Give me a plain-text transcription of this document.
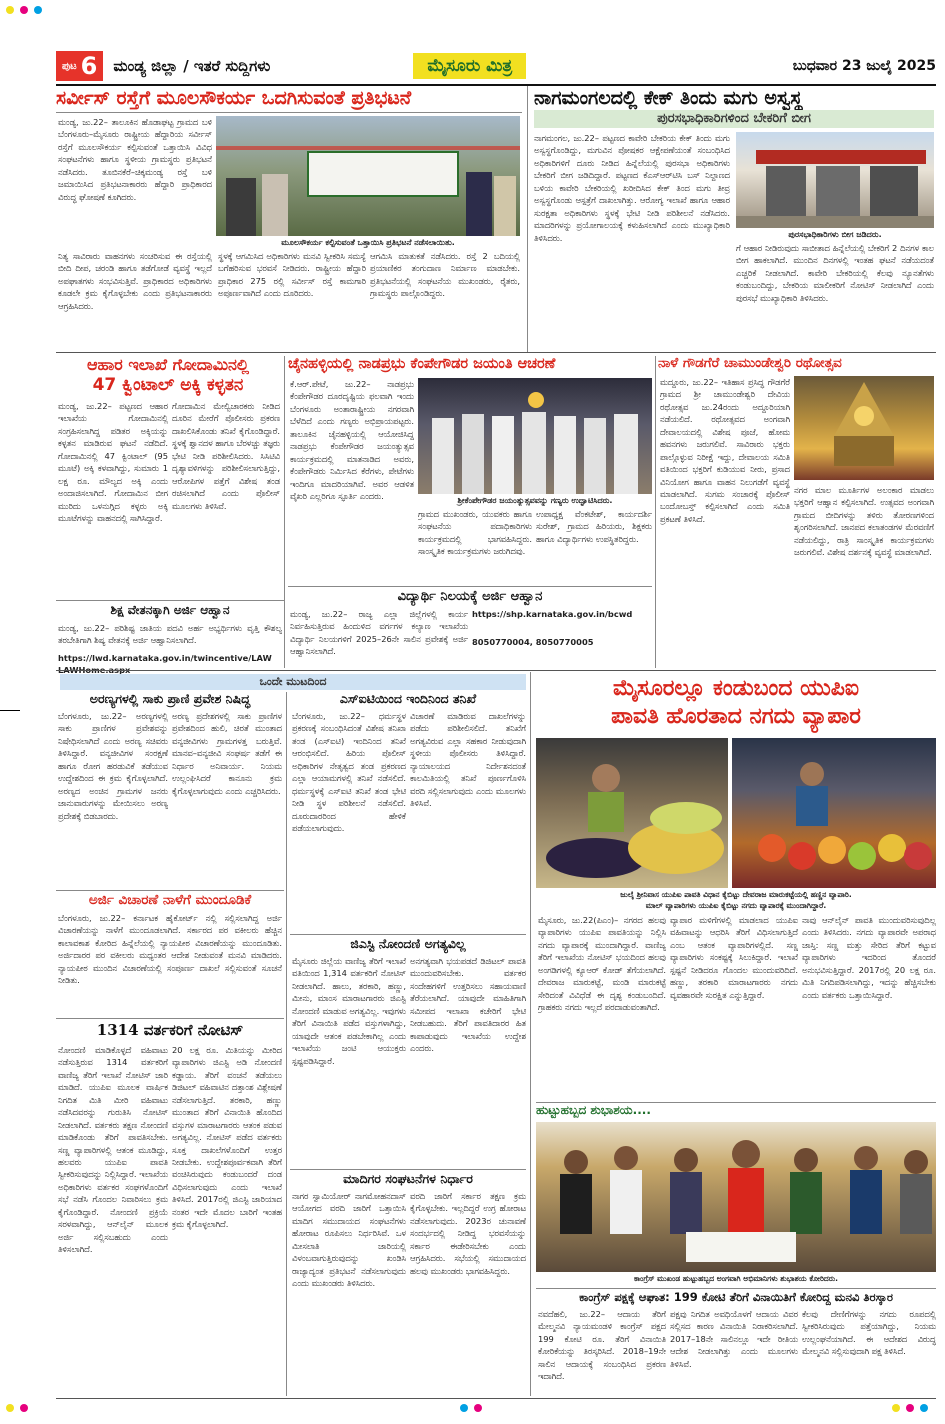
ಪುಟ 6 ಮಂಡ್ಯ ಜಿಲ್ಲಾ / ಇತರೆ ಸುದ್ದಿಗಳು	ಮೈಸೂರು ಮಿತ್ರ	ಬುಧವಾರ 23 ಜುಲೈ 2025
ಸರ್ವೀಸ್ ರಸ್ತೆಗೆ ಮೂಲಸೌಕರ್ಯ ಒದಗಿಸುವಂತೆ ಪ್ರತಿಭಟನೆ
ಮಂಡ್ಯ, ಜು.22– ತಾಲೂಕಿನ ಹೊಡಾಘಟ್ಟ ಗ್ರಾಮದ ಬಳಿ ಬೆಂಗಳೂರು–ಮೈಸೂರು ರಾಷ್ಟ್ರೀಯ ಹೆದ್ದಾರಿಯ ಸರ್ವೀಸ್ ರಸ್ತೆಗೆ ಮೂಲಸೌಕರ್ಯ ಕಲ್ಪಿಸುವಂತೆ ಒತ್ತಾಯಿಸಿ ವಿವಿಧ ಸಂಘಟನೆಗಳು ಹಾಗೂ ಸ್ಥಳೀಯ ಗ್ರಾಮಸ್ಥರು ಪ್ರತಿಭಟನೆ ನಡೆಸಿದರು. ತೂಬಿನಕೆರೆ–ಚಿಕ್ಕಮಂಡ್ಯ ರಸ್ತೆ ಬಳಿ ಜಮಾಯಿಸಿದ ಪ್ರತಿಭಟನಾಕಾರರು ಹೆದ್ದಾರಿ ಪ್ರಾಧಿಕಾರದ ವಿರುದ್ಧ ಘೋಷಣೆ ಕೂಗಿದರು.
ಮೂಲಸೌಕರ್ಯ ಕಲ್ಪಿಸುವಂತೆ ಒತ್ತಾಯಿಸಿ ಪ್ರತಿಭಟನೆ ನಡೆಸಲಾಯಿತು.
ನಿತ್ಯ ಸಾವಿರಾರು ವಾಹನಗಳು ಸಂಚರಿಸುವ ಈ ರಸ್ತೆಯಲ್ಲಿ ಬೀದಿ ದೀಪ, ಚರಂಡಿ ಹಾಗೂ ತಡೆಗೋಡೆ ವ್ಯವಸ್ಥೆ ಇಲ್ಲದೆ ಅಪಘಾತಗಳು ಸಂಭವಿಸುತ್ತಿವೆ. ಪ್ರಾಧಿಕಾರದ ಅಧಿಕಾರಿಗಳು ಕೂಡಲೇ ಕ್ರಮ ಕೈಗೊಳ್ಳಬೇಕು ಎಂದು ಪ್ರತಿಭಟನಾಕಾರರು ಆಗ್ರಹಿಸಿದರು.
ಸ್ಥಳಕ್ಕೆ ಆಗಮಿಸಿದ ಅಧಿಕಾರಿಗಳು ಮನವಿ ಸ್ವೀಕರಿಸಿ ಸಮಸ್ಯೆ ಬಗೆಹರಿಸುವ ಭರವಸೆ ನೀಡಿದರು. ರಾಷ್ಟ್ರೀಯ ಹೆದ್ದಾರಿ ಪ್ರಾಧಿಕಾರ 275 ರಲ್ಲಿ ಸರ್ವೀಸ್ ರಸ್ತೆ ಕಾಮಗಾರಿ ಅಪೂರ್ಣವಾಗಿದೆ ಎಂದು ದೂರಿದರು.
ಆಗಮಿಸಿ ಮಾತುಕತೆ ನಡೆಸಿದರು. ರಸ್ತೆ 2 ಬದಿಯಲ್ಲಿ ಪ್ರಯಾಣಿಕರ ತಂಗುದಾಣ ನಿರ್ಮಾಣ ಮಾಡಬೇಕು. ಪ್ರತಿಭಟನೆಯಲ್ಲಿ ಸಂಘಟನೆಯ ಮುಖಂಡರು, ರೈತರು, ಗ್ರಾಮಸ್ಥರು ಪಾಲ್ಗೊಂಡಿದ್ದರು.
ನಾಗಮಂಗಲದಲ್ಲಿ ಕೇಕ್ ತಿಂದು ಮಗು ಅಸ್ವಸ್ಥ
ಪುರಸಭಾಧಿಕಾರಿಗಳಿಂದ ಬೇಕರಿಗೆ ಬೀಗ
ನಾಗಮಂಗಲ, ಜು.22– ಪಟ್ಟಣದ ಕಾವೇರಿ ಬೇಕರಿಯ ಕೇಕ್ ತಿಂದು ಮಗು ಅಸ್ವಸ್ಥಗೊಂಡಿದ್ದು, ಮಗುವಿನ ಪೋಷಕರ ಆಕ್ಷೇಪಣೆಯಂತೆ ಸಂಬಂಧಿಸಿದ ಅಧಿಕಾರಿಗಳಿಗೆ ದೂರು ನೀಡಿದ ಹಿನ್ನೆಲೆಯಲ್ಲಿ ಪುರಸಭಾ ಅಧಿಕಾರಿಗಳು ಬೇಕರಿಗೆ ಬೀಗ ಜಡಿದಿದ್ದಾರೆ. ಪಟ್ಟಣದ ಕೆಎಸ್ಆರ್‌ಟಿಸಿ ಬಸ್ ನಿಲ್ದಾಣದ ಬಳಿಯ ಕಾವೇರಿ ಬೇಕರಿಯಲ್ಲಿ ಖರೀದಿಸಿದ ಕೇಕ್ ತಿಂದ ಮಗು ತೀವ್ರ ಅಸ್ವಸ್ಥಗೊಂಡು ಆಸ್ಪತ್ರೆಗೆ ದಾಖಲಾಗಿತ್ತು. ಆರೋಗ್ಯ ಇಲಾಖೆ ಹಾಗೂ ಆಹಾರ ಸುರಕ್ಷತಾ ಅಧಿಕಾರಿಗಳು ಸ್ಥಳಕ್ಕೆ ಭೇಟಿ ನೀಡಿ ಪರಿಶೀಲನೆ ನಡೆಸಿದರು. ಮಾದರಿಗಳನ್ನು ಪ್ರಯೋಗಾಲಯಕ್ಕೆ ಕಳುಹಿಸಲಾಗಿದೆ ಎಂದು ಮುಖ್ಯಾಧಿಕಾರಿ ತಿಳಿಸಿದರು.	ಪುರಸಭಾಧಿಕಾರಿಗಳು ಬೀಗ ಜಡಿದರು.
ಗೆ ಆಹಾರ ನೀಡಿರುವುದು ಸಾಬೀತಾದ ಹಿನ್ನೆಲೆಯಲ್ಲಿ ಬೇಕರಿಗೆ 2 ದಿನಗಳ ಕಾಲ ಬೀಗ ಹಾಕಲಾಗಿದೆ. ಮುಂದಿನ ದಿನಗಳಲ್ಲಿ ಇಂತಹ ಘಟನೆ ನಡೆಯದಂತೆ ಎಚ್ಚರಿಕೆ ನೀಡಲಾಗಿದೆ. ಕಾವೇರಿ ಬೇಕರಿಯಲ್ಲಿ ಕೆಲವು ನ್ಯೂನತೆಗಳು ಕಂಡುಬಂದಿದ್ದು, ಬೇಕರಿಯ ಮಾಲೀಕರಿಗೆ ನೋಟಿಸ್ ನೀಡಲಾಗಿದೆ ಎಂದು ಪುರಸಭೆ ಮುಖ್ಯಾಧಿಕಾರಿ ತಿಳಿಸಿದರು.
ಆಹಾರ ಇಲಾಖೆ ಗೋದಾಮಿನಲ್ಲಿ
47 ಕ್ವಿಂಟಾಲ್ ಅಕ್ಕಿ ಕಳ್ಳತನ
ಮಂಡ್ಯ, ಜು.22– ಪಟ್ಟಣದ ಆಹಾರ ಇಲಾಖೆಯ ಗೋದಾಮಿನಲ್ಲಿ ಸಂಗ್ರಹಿಸಲಾಗಿದ್ದ ಪಡಿತರ ಅಕ್ಕಿಯನ್ನು ಕಳ್ಳತನ ಮಾಡಿರುವ ಘಟನೆ ನಡೆದಿದೆ. ಗೋದಾಮಿನಲ್ಲಿ 47 ಕ್ವಿಂಟಾಲ್ (95 ಮೂಟೆ) ಅಕ್ಕಿ ಕಳವಾಗಿದ್ದು, ಸುಮಾರು 1 ಲಕ್ಷ ರೂ. ಮೌಲ್ಯದ ಅಕ್ಕಿ ಎಂದು ಅಂದಾಜಿಸಲಾಗಿದೆ. ಗೋದಾಮಿನ ಬೀಗ ಮುರಿದು ಒಳನುಗ್ಗಿದ ಕಳ್ಳರು ಅಕ್ಕಿ ಮೂಟೆಗಳನ್ನು ವಾಹನದಲ್ಲಿ ಸಾಗಿಸಿದ್ದಾರೆ.
ಗೋದಾಮಿನ ಮೇಲ್ವಿಚಾರಕರು ನೀಡಿದ ದೂರಿನ ಮೇರೆಗೆ ಪೊಲೀಸರು ಪ್ರಕರಣ ದಾಖಲಿಸಿಕೊಂಡು ತನಿಖೆ ಕೈಗೊಂಡಿದ್ದಾರೆ. ಸ್ಥಳಕ್ಕೆ ಶ್ವಾನದಳ ಹಾಗೂ ಬೆರಳಚ್ಚು ತಜ್ಞರು ಭೇಟಿ ನೀಡಿ ಪರಿಶೀಲಿಸಿದರು. ಸಿಸಿಟಿವಿ ದೃಶ್ಯಾವಳಿಗಳನ್ನು ಪರಿಶೀಲಿಸಲಾಗುತ್ತಿದ್ದು, ಆರೋಪಿಗಳ ಪತ್ತೆಗೆ ವಿಶೇಷ ತಂಡ ರಚಿಸಲಾಗಿದೆ ಎಂದು ಪೊಲೀಸ್ ಮೂಲಗಳು ತಿಳಿಸಿವೆ.
ಚೈನಹಳ್ಳಿಯಲ್ಲಿ ನಾಡಪ್ರಭು ಕೆಂಪೇಗೌಡರ ಜಯಂತಿ ಆಚರಣೆ
ಕೆ.ಆರ್.ಪೇಟೆ, ಜು.22– ನಾಡಪ್ರಭು ಕೆಂಪೇಗೌಡರ ದೂರದೃಷ್ಟಿಯ ಫಲವಾಗಿ ಇಂದು ಬೆಂಗಳೂರು ಅಂತಾರಾಷ್ಟ್ರೀಯ ನಗರವಾಗಿ ಬೆಳೆದಿದೆ ಎಂದು ಗಣ್ಯರು ಅಭಿಪ್ರಾಯಪಟ್ಟರು. ತಾಲೂಕಿನ ಚೈನಹಳ್ಳಿಯಲ್ಲಿ ಆಯೋಜಿಸಿದ್ದ ನಾಡಪ್ರಭು ಕೆಂಪೇಗೌಡರ ಜಯಂತ್ಯುತ್ಸವ ಕಾರ್ಯಕ್ರಮದಲ್ಲಿ ಮಾತನಾಡಿದ ಅವರು, ಕೆಂಪೇಗೌಡರು ನಿರ್ಮಿಸಿದ ಕೆರೆಗಳು, ಪೇಟೆಗಳು ಇಂದಿಗೂ ಮಾದರಿಯಾಗಿವೆ. ಅವರ ಆಡಳಿತ ವೈಖರಿ ಎಲ್ಲರಿಗೂ ಸ್ಫೂರ್ತಿ ಎಂದರು.	ಶ್ರೀಕೆಂಪೇಗೌಡರ ಜಯಂತ್ಯುತ್ಸವವನ್ನು ಗಣ್ಯರು ಉದ್ಘಾಟಿಸಿದರು.
ಗ್ರಾಮದ ಮುಖಂಡರು, ಯುವಕರು ಹಾಗೂ ಸಂಘಟನೆಯ ಪದಾಧಿಕಾರಿಗಳು ಕಾರ್ಯಕ್ರಮದಲ್ಲಿ ಭಾಗವಹಿಸಿದ್ದರು. ಸಾಂಸ್ಕೃತಿಕ ಕಾರ್ಯಕ್ರಮಗಳು ಜರುಗಿದವು.
ಉಪಾಧ್ಯಕ್ಷ ವೆಂಕಟೇಶ್, ಕಾರ್ಯದರ್ಶಿ ಸುರೇಶ್, ಗ್ರಾಮದ ಹಿರಿಯರು, ಶಿಕ್ಷಕರು ಹಾಗೂ ವಿದ್ಯಾರ್ಥಿಗಳು ಉಪಸ್ಥಿತರಿದ್ದರು.
ಶಿಕ್ಷ ವೇತನಕ್ಕಾಗಿ ಅರ್ಜಿ ಆಹ್ವಾನ
ಮಂಡ್ಯ, ಜು.22– ಪರಿಶಿಷ್ಟ ಜಾತಿಯ ಪದವಿ ಅರ್ಹ ಅಭ್ಯರ್ಥಿಗಳು ವೃತ್ತಿ ಕೌಶಲ್ಯ ತರಬೇತಿಗಾಗಿ ಶಿಷ್ಯ ವೇತನಕ್ಕೆ ಅರ್ಜಿ ಆಹ್ವಾನಿಸಲಾಗಿದೆ.
https://lwd.karnataka.gov.in/twincentive/LAW
ವಿದ್ಯಾರ್ಥಿ ನಿಲಯಕ್ಕೆ ಅರ್ಜಿ ಆಹ್ವಾನ
ಮಂಡ್ಯ, ಜು.22– ರಾಜ್ಯ ಎಲ್ಲಾ ಜಿಲ್ಲೆಗಳಲ್ಲಿ ಕಾರ್ಯ ನಿರ್ವಹಿಸುತ್ತಿರುವ ಹಿಂದುಳಿದ ವರ್ಗಗಳ ಕಲ್ಯಾಣ ಇಲಾಖೆಯ ವಿದ್ಯಾರ್ಥಿ ನಿಲಯಗಳಿಗೆ 2025–26ನೇ ಸಾಲಿನ ಪ್ರವೇಶಕ್ಕೆ ಅರ್ಜಿ ಆಹ್ವಾನಿಸಲಾಗಿದೆ.
https://shp.karnataka.gov.in/bcwd
8050770004, 8050770005
ನಾಳೆ ಗೌಡಗೆರೆ ಚಾಮುಂಡೇಶ್ವರಿ ರಥೋತ್ಸವ
ಮದ್ದೂರು, ಜು.22– ಇತಿಹಾಸ ಪ್ರಸಿದ್ಧ ಗೌಡಗೆರೆ ಗ್ರಾಮದ ಶ್ರೀ ಚಾಮುಂಡೇಶ್ವರಿ ದೇವಿಯ ರಥೋತ್ಸವ ಜು.24ರಂದು ಅದ್ದೂರಿಯಾಗಿ ನಡೆಯಲಿದೆ. ರಥೋತ್ಸವದ ಅಂಗವಾಗಿ ದೇವಾಲಯದಲ್ಲಿ ವಿಶೇಷ ಪೂಜೆ, ಹೋಮ ಹವನಗಳು ಜರುಗಲಿವೆ. ಸಾವಿರಾರು ಭಕ್ತರು ಪಾಲ್ಗೊಳ್ಳುವ ನಿರೀಕ್ಷೆ ಇದ್ದು, ದೇವಾಲಯ ಸಮಿತಿ ವತಿಯಿಂದ ಭಕ್ತರಿಗೆ ಕುಡಿಯುವ ನೀರು, ಪ್ರಸಾದ ವಿನಿಯೋಗ ಹಾಗೂ ವಾಹನ ನಿಲುಗಡೆಗೆ ವ್ಯವಸ್ಥೆ ಮಾಡಲಾಗಿದೆ. ಸುಗಮ ಸಂಚಾರಕ್ಕೆ ಪೊಲೀಸ್ ಬಂದೋಬಸ್ತ್ ಕಲ್ಪಿಸಲಾಗಿದೆ ಎಂದು ಸಮಿತಿ ಪ್ರಕಟಣೆ ತಿಳಿಸಿದೆ.
ನಗರ ಮಾಲ ಮೂರ್ತಿಗಳ ಅಲಂಕಾರ ಮಾಡಲು ಭಕ್ತರಿಗೆ ಆಹ್ವಾನ ಕಲ್ಪಿಸಲಾಗಿದೆ. ಉತ್ಸವದ ಅಂಗವಾಗಿ ಗ್ರಾಮದ ಬೀದಿಗಳನ್ನು ತಳಿರು ತೋರಣಗಳಿಂದ ಶೃಂಗರಿಸಲಾಗಿದೆ. ಜಾನಪದ ಕಲಾತಂಡಗಳ ಮೆರವಣಿಗೆ ನಡೆಯಲಿದ್ದು, ರಾತ್ರಿ ಸಾಂಸ್ಕೃತಿಕ ಕಾರ್ಯಕ್ರಮಗಳು ಜರುಗಲಿವೆ. ವಿಶೇಷ ದರ್ಶನಕ್ಕೆ ವ್ಯವಸ್ಥೆ ಮಾಡಲಾಗಿದೆ.
ಒಂದೇ ಮುಟದಿಂದ
ಅರಣ್ಯಗಳಲ್ಲಿ ಸಾಕು ಪ್ರಾಣಿ ಪ್ರವೇಶ ನಿಷಿದ್ಧ
ಬೆಂಗಳೂರು, ಜು.22– ಅರಣ್ಯಗಳಲ್ಲಿ ಸಾಕು ಪ್ರಾಣಿಗಳ ಪ್ರವೇಶವನ್ನು ನಿಷೇಧಿಸಲಾಗಿದೆ ಎಂದು ಅರಣ್ಯ ಸಚಿವರು ತಿಳಿಸಿದ್ದಾರೆ. ವನ್ಯಜೀವಿಗಳ ಸಂರಕ್ಷಣೆ ಹಾಗೂ ರೋಗ ಹರಡುವಿಕೆ ತಡೆಯುವ ಉದ್ದೇಶದಿಂದ ಈ ಕ್ರಮ ಕೈಗೊಳ್ಳಲಾಗಿದೆ. ಅರಣ್ಯದ ಅಂಚಿನ ಗ್ರಾಮಗಳ ಜನರು ಜಾನುವಾರುಗಳನ್ನು ಮೇಯಿಸಲು ಅರಣ್ಯ ಪ್ರದೇಶಕ್ಕೆ ಬಿಡಬಾರದು.
ಅರಣ್ಯ ಪ್ರದೇಶಗಳಲ್ಲಿ ಸಾಕು ಪ್ರಾಣಿಗಳ ಪ್ರವೇಶದಿಂದ ಹುಲಿ, ಚಿರತೆ ಮುಂತಾದ ವನ್ಯಜೀವಿಗಳು ಗ್ರಾಮಗಳತ್ತ ಬರುತ್ತಿವೆ. ಮಾನವ–ವನ್ಯಜೀವಿ ಸಂಘರ್ಷ ತಡೆಗೆ ಈ ನಿರ್ಧಾರ ಅನಿವಾರ್ಯ. ನಿಯಮ ಉಲ್ಲಂಘಿಸಿದರೆ ಕಾನೂನು ಕ್ರಮ ಕೈಗೊಳ್ಳಲಾಗುವುದು ಎಂದು ಎಚ್ಚರಿಸಿದರು.
ಅರ್ಜಿ ವಿಚಾರಣೆ ನಾಳೆಗೆ ಮುಂದೂಡಿಕೆ
ಬೆಂಗಳೂರು, ಜು.22– ಕರ್ನಾಟಕ ಹೈಕೋರ್ಟ್ ನಲ್ಲಿ ಸಲ್ಲಿಸಲಾಗಿದ್ದ ಅರ್ಜಿ ವಿಚಾರಣೆಯನ್ನು ನಾಳೆಗೆ ಮುಂದೂಡಲಾಗಿದೆ. ಸರ್ಕಾರದ ಪರ ವಕೀಲರು ಹೆಚ್ಚಿನ ಕಾಲಾವಕಾಶ ಕೋರಿದ ಹಿನ್ನೆಲೆಯಲ್ಲಿ ನ್ಯಾಯಪೀಠ ವಿಚಾರಣೆಯನ್ನು ಮುಂದೂಡಿತು. ಅರ್ಜಿದಾರರ ಪರ ವಕೀಲರು ಮಧ್ಯಂತರ ಆದೇಶ ನೀಡುವಂತೆ ಮನವಿ ಮಾಡಿದರು. ನ್ಯಾಯಪೀಠ ಮುಂದಿನ ವಿಚಾರಣೆಯಲ್ಲಿ ಸಂಪೂರ್ಣ ದಾಖಲೆ ಸಲ್ಲಿಸುವಂತೆ ಸೂಚನೆ ನೀಡಿತು.
1314 ವರ್ತಕರಿಗೆ ನೋಟಿಸ್
ನೋಂದಣಿ ಮಾಡಿಕೊಳ್ಳದೆ ವಹಿವಾಟು ನಡೆಸುತ್ತಿರುವ 1314 ವರ್ತಕರಿಗೆ ವಾಣಿಜ್ಯ ತೆರಿಗೆ ಇಲಾಖೆ ನೋಟಿಸ್ ಜಾರಿ ಮಾಡಿದೆ. ಯುಪಿಐ ಮೂಲಕ ವಾರ್ಷಿಕ ನಿಗದಿತ ಮಿತಿ ಮೀರಿ ವಹಿವಾಟು ನಡೆಸಿದವರನ್ನು ಗುರುತಿಸಿ ನೋಟಿಸ್ ನೀಡಲಾಗಿದೆ. ವರ್ತಕರು ತಕ್ಷಣ ನೋಂದಣಿ ಮಾಡಿಕೊಂಡು ತೆರಿಗೆ ಪಾವತಿಸಬೇಕು. ಸಣ್ಣ ವ್ಯಾಪಾರಿಗಳಲ್ಲಿ ಆತಂಕ ಮೂಡಿದ್ದು, ಹಲವರು ಯುಪಿಐ ಪಾವತಿ ಸ್ವೀಕರಿಸುವುದನ್ನು ನಿಲ್ಲಿಸಿದ್ದಾರೆ. ಇಲಾಖೆಯ ಅಧಿಕಾರಿಗಳು ವರ್ತಕರ ಸಂಘಗಳೊಂದಿಗೆ ಸಭೆ ನಡೆಸಿ ಗೊಂದಲ ನಿವಾರಿಸಲು ಕ್ರಮ ಕೈಗೊಂಡಿದ್ದಾರೆ. ನೋಂದಣಿ ಪ್ರಕ್ರಿಯೆ ಸರಳವಾಗಿದ್ದು, ಆನ್‌ಲೈನ್ ಮೂಲಕ ಅರ್ಜಿ ಸಲ್ಲಿಸಬಹುದು ಎಂದು ತಿಳಿಸಲಾಗಿದೆ.
20 ಲಕ್ಷ ರೂ. ಮಿತಿಯನ್ನು ಮೀರಿದ ವ್ಯಾಪಾರಿಗಳು ಜಿಎಸ್ಟಿ ಅಡಿ ನೋಂದಣಿ ಕಡ್ಡಾಯ. ತೆರಿಗೆ ವಂಚನೆ ತಡೆಯಲು ಡಿಜಿಟಲ್ ವಹಿವಾಟಿನ ದತ್ತಾಂಶ ವಿಶ್ಲೇಷಣೆ ನಡೆಸಲಾಗುತ್ತಿದೆ. ತರಕಾರಿ, ಹಣ್ಣು ಮುಂತಾದ ತೆರಿಗೆ ವಿನಾಯಿತಿ ಹೊಂದಿದ ವಸ್ತುಗಳ ಮಾರಾಟಗಾರರು ಆತಂಕ ಪಡುವ ಅಗತ್ಯವಿಲ್ಲ. ನೋಟಿಸ್ ಪಡೆದ ವರ್ತಕರು ಸೂಕ್ತ ದಾಖಲೆಗಳೊಂದಿಗೆ ಉತ್ತರ ನೀಡಬೇಕು. ಉದ್ದೇಶಪೂರ್ವಕವಾಗಿ ತೆರಿಗೆ ವಂಚಿಸಿರುವುದು ಕಂಡುಬಂದರೆ ದಂಡ ವಿಧಿಸಲಾಗುವುದು ಎಂದು ಇಲಾಖೆ ತಿಳಿಸಿದೆ. 2017ರಲ್ಲಿ ಜಿಎಸ್ಟಿ ಜಾರಿಯಾದ ನಂತರ ಇದೇ ಮೊದಲ ಬಾರಿಗೆ ಇಂತಹ ಕ್ರಮ ಕೈಗೊಳ್ಳಲಾಗಿದೆ.
ಎಸ್ಐಟಿಯಿಂದ ಇಂದಿನಿಂದ ತನಿಖೆ
ಬೆಂಗಳೂರು, ಜು.22– ಧರ್ಮಸ್ಥಳ ಪ್ರಕರಣಕ್ಕೆ ಸಂಬಂಧಿಸಿದಂತೆ ವಿಶೇಷ ತನಿಖಾ ತಂಡ (ಎಸ್ಐಟಿ) ಇಂದಿನಿಂದ ತನಿಖೆ ಆರಂಭಿಸಲಿದೆ. ಹಿರಿಯ ಪೊಲೀಸ್ ಅಧಿಕಾರಿಗಳ ನೇತೃತ್ವದ ತಂಡ ಪ್ರಕರಣದ ಎಲ್ಲಾ ಆಯಾಮಗಳಲ್ಲಿ ತನಿಖೆ ನಡೆಸಲಿದೆ. ಧರ್ಮಸ್ಥಳಕ್ಕೆ ಎಸ್ಐಟಿ ತನಿಖೆ ತಂಡ ಭೇಟಿ ನೀಡಿ ಸ್ಥಳ ಪರಿಶೀಲನೆ ನಡೆಸಲಿದೆ. ದೂರುದಾರರಿಂದ ಹೇಳಿಕೆ ಪಡೆಯಲಾಗುವುದು.
ವಿಚಾರಣೆ ಮಾಡಿರುವ ದಾಖಲೆಗಳನ್ನು ಪಡೆದು ಪರಿಶೀಲಿಸಲಿದೆ. ತನಿಖೆಗೆ ಅಗತ್ಯವಿರುವ ಎಲ್ಲಾ ಸಹಕಾರ ನೀಡುವುದಾಗಿ ಸ್ಥಳೀಯ ಪೊಲೀಸರು ತಿಳಿಸಿದ್ದಾರೆ. ನ್ಯಾಯಾಲಯದ ನಿರ್ದೇಶನದಂತೆ ಕಾಲಮಿತಿಯಲ್ಲಿ ತನಿಖೆ ಪೂರ್ಣಗೊಳಿಸಿ ವರದಿ ಸಲ್ಲಿಸಲಾಗುವುದು ಎಂದು ಮೂಲಗಳು ತಿಳಿಸಿವೆ.
ಜಿಎಸ್ಟಿ ನೋಂದಣಿ ಅಗತ್ಯವಿಲ್ಲ
ಮೈಸೂರು ಜಿಲ್ಲೆಯ ವಾಣಿಜ್ಯ ತೆರಿಗೆ ಇಲಾಖೆ ವತಿಯಿಂದ 1,314 ವರ್ತಕರಿಗೆ ನೋಟಿಸ್ ನೀಡಲಾಗಿದೆ. ಹಾಲು, ತರಕಾರಿ, ಹಣ್ಣು, ಮೀನು, ಮಾಂಸ ಮಾರಾಟಗಾರರು ಜಿಎಸ್ಟಿ ನೋಂದಣಿ ಮಾಡುವ ಅಗತ್ಯವಿಲ್ಲ. ಇವುಗಳು ತೆರಿಗೆ ವಿನಾಯಿತಿ ಪಡೆದ ವಸ್ತುಗಳಾಗಿದ್ದು, ಯಾವುದೇ ಆತಂಕ ಪಡಬೇಕಾಗಿಲ್ಲ ಎಂದು ಇಲಾಖೆಯ ಜಂಟಿ ಆಯುಕ್ತರು ಸ್ಪಷ್ಟಪಡಿಸಿದ್ದಾರೆ.
ಅನಗತ್ಯವಾಗಿ ಭಯಪಡದೆ ಡಿಜಿಟಲ್ ಪಾವತಿ ಮುಂದುವರಿಸಬೇಕು. ವರ್ತಕರ ಸಂದೇಹಗಳಿಗೆ ಉತ್ತರಿಸಲು ಸಹಾಯವಾಣಿ ತೆರೆಯಲಾಗಿದೆ. ಯಾವುದೇ ಮಾಹಿತಿಗಾಗಿ ಸಮೀಪದ ಇಲಾಖಾ ಕಚೇರಿಗೆ ಭೇಟಿ ನೀಡಬಹುದು. ತೆರಿಗೆ ಪಾವತಿದಾರರ ಹಿತ ಕಾಪಾಡುವುದು ಇಲಾಖೆಯ ಉದ್ದೇಶ ಎಂದರು.
ಮಾದಿಗರ ಸಂಘಟನೆಗಳ ನಿರ್ಧಾರ
ನಾಗರ ಸ್ವಾಮಿಯೋರ್ ನಾಗಮೋಹನದಾಸ್ ಆಯೋಗದ ವರದಿ ಜಾರಿಗೆ ಒತ್ತಾಯಿಸಿ ಮಾದಿಗ ಸಮುದಾಯದ ಸಂಘಟನೆಗಳು ಹೋರಾಟ ರೂಪಿಸಲು ನಿರ್ಧರಿಸಿವೆ. ಒಳ ಮೀಸಲಾತಿ ಜಾರಿಯಲ್ಲಿ ವಿಳಂಬವಾಗುತ್ತಿರುವುದನ್ನು ಖಂಡಿಸಿ ರಾಜ್ಯಾದ್ಯಂತ ಪ್ರತಿಭಟನೆ ನಡೆಸಲಾಗುವುದು ಎಂದು ಮುಖಂಡರು ತಿಳಿಸಿದರು.
ವರದಿ ಜಾರಿಗೆ ಸರ್ಕಾರ ತಕ್ಷಣ ಕ್ರಮ ಕೈಗೊಳ್ಳಬೇಕು. ಇಲ್ಲದಿದ್ದರೆ ಉಗ್ರ ಹೋರಾಟ ನಡೆಸಲಾಗುವುದು. 2023ರ ಚುನಾವಣೆ ಸಂದರ್ಭದಲ್ಲಿ ನೀಡಿದ್ದ ಭರವಸೆಯನ್ನು ಸರ್ಕಾರ ಈಡೇರಿಸಬೇಕು ಎಂದು ಆಗ್ರಹಿಸಿದರು. ಸಭೆಯಲ್ಲಿ ಸಮುದಾಯದ ಹಲವು ಮುಖಂಡರು ಭಾಗವಹಿಸಿದ್ದರು.
ಮೈಸೂರಲ್ಲೂ ಕಂಡುಬಂದ ಯುಪಿಐ
ಪಾವತಿ ಹೊರತಾದ ನಗದು ವ್ಯಾಪಾರ
ಜುಲೈ ಶ್ರೀನಿವಾಸ ಯುಪಿಐ ಪಾವತಿ ವಿಧಾನ ಕೈಬಿಟ್ಟು ದೇವರಾಜ ಮಾರುಕಟ್ಟೆಯಲ್ಲಿ ಹಣ್ಣಿನ ವ್ಯಾಪಾರಿ.
ಮಾಲ್ ವ್ಯಾಪಾರಿಗಳು ಯುಪಿಐ ಕೈಬಿಟ್ಟು ನಗದು ವ್ಯಾಪಾರಕ್ಕೆ ಮುಂದಾಗಿದ್ದಾರೆ.
ಮೈಸೂರು, ಜು.22(ಪಿಎಂ)– ನಗರದ ಹಲವು ವ್ಯಾಪಾರಿಗಳು ಯುಪಿಐ ಪಾವತಿಯನ್ನು ನಿಲ್ಲಿಸಿ ನಗದು ವ್ಯಾಪಾರಕ್ಕೆ ಮುಂದಾಗಿದ್ದಾರೆ. ವಾಣಿಜ್ಯ ತೆರಿಗೆ ಇಲಾಖೆಯ ನೋಟಿಸ್ ಭಯದಿಂದ ಹಲವು ಅಂಗಡಿಗಳಲ್ಲಿ ಕ್ಯೂಆರ್ ಕೋಡ್ ತೆಗೆಯಲಾಗಿದೆ. ದೇವರಾಜ ಮಾರುಕಟ್ಟೆ, ಮಂಡಿ ಮಾರುಕಟ್ಟೆ ಸೇರಿದಂತೆ ವಿವಿಧೆಡೆ ಈ ದೃಶ್ಯ ಕಂಡುಬಂದಿದೆ. ಗ್ರಾಹಕರು ನಗದು ಇಲ್ಲದೆ ಪರದಾಡುವಂತಾಗಿದೆ.
ವ್ಯಾಪಾರ ಮಳಿಗೆಗಳಲ್ಲಿ ಮಾಡಲಾದ ಯುಪಿಐ ವಹಿವಾಟನ್ನು ಆಧರಿಸಿ ತೆರಿಗೆ ವಿಧಿಸಲಾಗುತ್ತಿದೆ ಎಂಬ ಆತಂಕ ವ್ಯಾಪಾರಿಗಳಲ್ಲಿದೆ. ಸಣ್ಣ ವ್ಯಾಪಾರಿಗಳು ಸಂಕಷ್ಟಕ್ಕೆ ಸಿಲುಕಿದ್ದಾರೆ. ಇಲಾಖೆ ಸ್ಪಷ್ಟನೆ ನೀಡಿದರೂ ಗೊಂದಲ ಮುಂದುವರಿದಿದೆ. ಹಣ್ಣು, ತರಕಾರಿ ಮಾರಾಟಗಾರರು ನಗದು ವ್ಯವಹಾರವೇ ಸುರಕ್ಷಿತ ಎನ್ನುತ್ತಿದ್ದಾರೆ.
ನಾವು ಆನ್‌ಲೈನ್ ಪಾವತಿ ಮುಂದುವರಿಸುವುದಿಲ್ಲ ಎಂದು ತಿಳಿಸಿದರು. ನಗದು ವ್ಯಾಪಾರವೇ ಅಪರಾಧ ಜಾಸ್ತಿ: ಸಣ್ಣ ಮತ್ತು ಸೇರಿದ ತೆರಿಗೆ ಕಟ್ಟುವ ವ್ಯಾಪಾರಿಗಳು ಇದರಿಂದ ತೊಂದರೆ ಅನುಭವಿಸುತ್ತಿದ್ದಾರೆ. 2017ರಲ್ಲಿ 20 ಲಕ್ಷ ರೂ. ಮಿತಿ ನಿಗದಿಪಡಿಸಲಾಗಿದ್ದು, ಇದನ್ನು ಹೆಚ್ಚಿಸಬೇಕು ಎಂದು ವರ್ತಕರು ಒತ್ತಾಯಿಸಿದ್ದಾರೆ.
ಹುಟ್ಟುಹಬ್ಬದ ಶುಭಾಶಯ....
ಕಾಂಗ್ರೆಸ್ ಮುಖಂಡ ಹುಟ್ಟುಹಬ್ಬದ ಅಂಗವಾಗಿ ಅಭಿಮಾನಿಗಳು ಶುಭಾಶಯ ಕೋರಿದರು.
ಕಾಂಗ್ರೆಸ್ ಪಕ್ಷಕ್ಕೆ ಆಘಾತ: 199 ಕೋಟಿ ತೆರಿಗೆ ವಿನಾಯಿತಿಗೆ ಕೋರಿದ್ದ ಮನವಿ ತಿರಸ್ಕಾರ
ನವದೆಹಲಿ, ಜು.22– ಆದಾಯ ತೆರಿಗೆ ಮೇಲ್ಮನವಿ ನ್ಯಾಯಮಂಡಳಿ ಕಾಂಗ್ರೆಸ್ ಪಕ್ಷದ 199 ಕೋಟಿ ರೂ. ತೆರಿಗೆ ವಿನಾಯಿತಿ ಕೋರಿಕೆಯನ್ನು ತಿರಸ್ಕರಿಸಿದೆ. 2018–19ನೇ ಸಾಲಿನ ಆದಾಯಕ್ಕೆ ಸಂಬಂಧಿಸಿದ ಪ್ರಕರಣ ಇದಾಗಿದೆ.
ಪಕ್ಷವು ನಿಗದಿತ ಅವಧಿಯೊಳಗೆ ಆದಾಯ ವಿವರ ಸಲ್ಲಿಸದ ಕಾರಣ ವಿನಾಯಿತಿ ನಿರಾಕರಿಸಲಾಗಿದೆ. 2017–18ನೇ ಸಾಲಿನಲ್ಲೂ ಇದೇ ರೀತಿಯ ಆದೇಶ ನೀಡಲಾಗಿತ್ತು ಎಂದು ಮೂಲಗಳು ತಿಳಿಸಿವೆ.
ಕೆಲವು ದೇಣಿಗೆಗಳನ್ನು ನಗದು ರೂಪದಲ್ಲಿ ಸ್ವೀಕರಿಸಿರುವುದು ಪತ್ತೆಯಾಗಿದ್ದು, ನಿಯಮ ಉಲ್ಲಂಘನೆಯಾಗಿದೆ. ಈ ಆದೇಶದ ವಿರುದ್ಧ ಮೇಲ್ಮನವಿ ಸಲ್ಲಿಸುವುದಾಗಿ ಪಕ್ಷ ತಿಳಿಸಿದೆ.
